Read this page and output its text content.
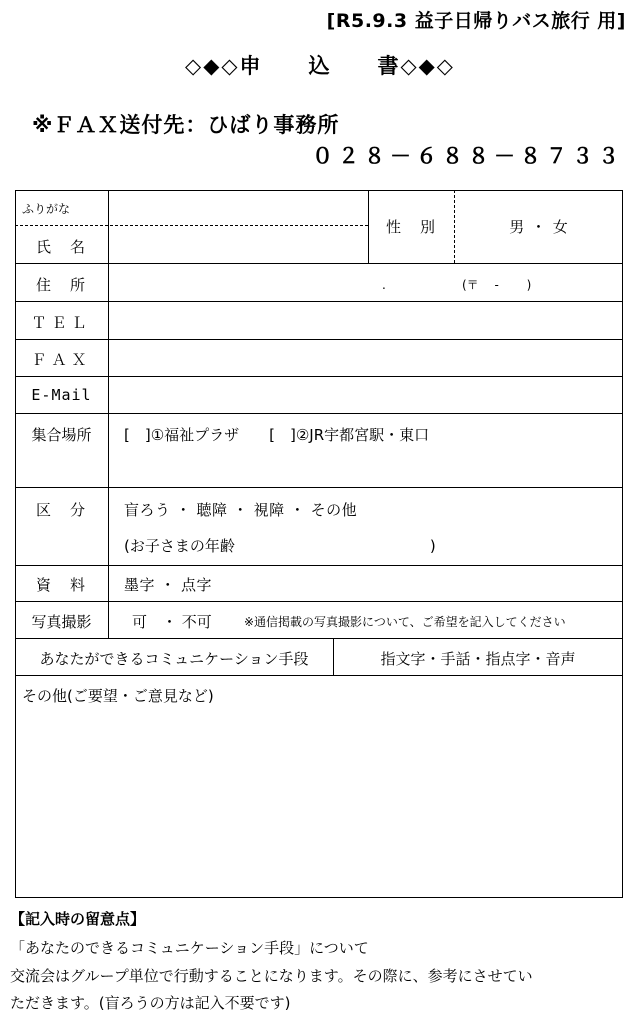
[R5.9.3 益子日帰りバス旅行 用]
◇◆◇申　　込　　書◇◆◇
※ＦＡＸ送付先：ひばり事務所
０２８－６８８－８７３３
ふりがな
氏　名
性　別	男 ・ 女
住　所	.	(〒　 -　　 )
ＴＥＬ
ＦＡＸ
E-Mail
集合場所	[　]①福祉プラザ　　[　]②JR宇都宮駅・東口
区　分	盲ろう ・ 聴障 ・ 視障 ・ その他
(お子さまの年齢　　　　　　　　　　　　　)
資　料	墨字 ・ 点字
写真撮影	可　・ 不可	※通信掲載の写真撮影について、ご希望を記入してください
あなたができるコミュニケーション手段	指文字・手話・指点字・音声
その他(ご要望・ご意見など)
【記入時の留意点】
「あなたのできるコミュニケーション手段」について
交流会はグループ単位で行動することになります。その際に、参考にさせてい
ただきます。(盲ろうの方は記入不要です)
